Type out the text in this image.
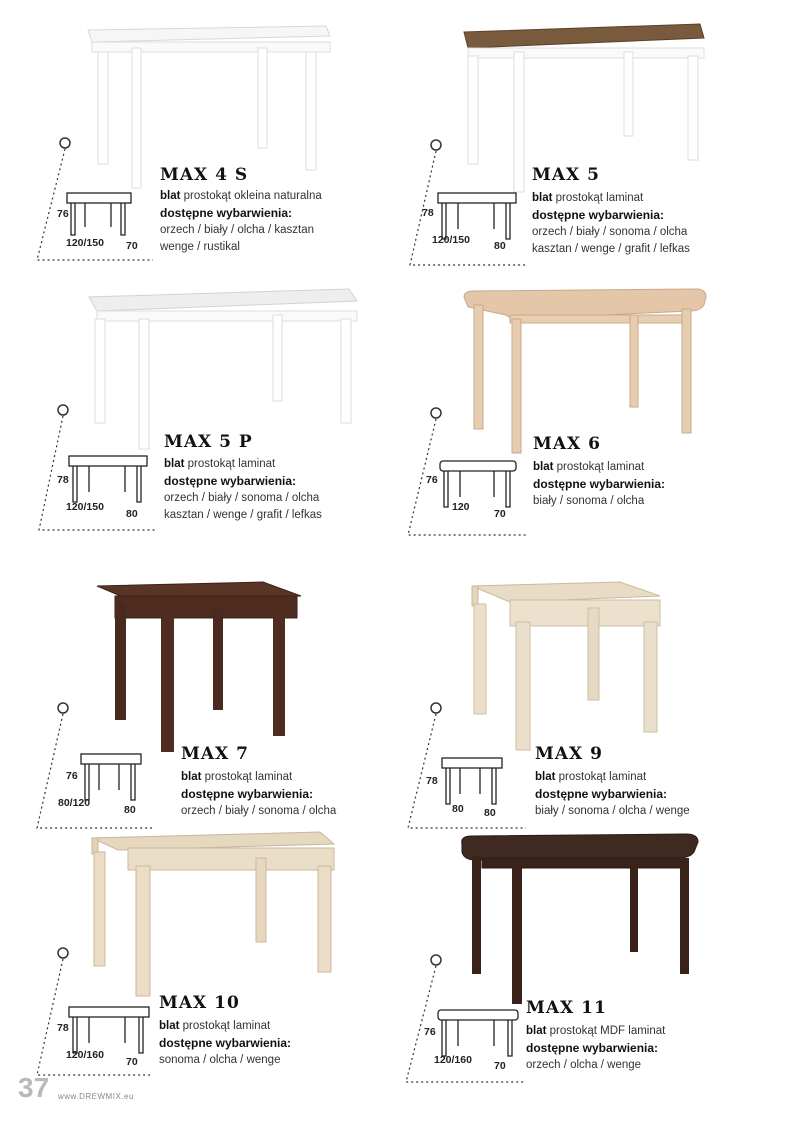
76
120/150 70
MAX 4 S
blat prostokąt okleina naturalna
dostępne wybarwienia:
orzech / biały / olcha / kasztan
wenge / rustikal
78
120/150 80
MAX 5
blat prostokąt laminat
dostępne wybarwienia:
orzech / biały / sonoma / olcha
kasztan / wenge / grafit / lefkas
78
120/150
80
MAX 5 P
blat prostokąt laminat
dostępne wybarwienia:
orzech / biały / sonoma / olcha
kasztan / wenge / grafit / lefkas
76
120
70
MAX 6
blat prostokąt laminat
dostępne wybarwienia:
biały / sonoma / olcha
76
80/120
80
MAX 7
blat prostokąt laminat
dostępne wybarwienia:
orzech / biały / sonoma / olcha
78
80 80
MAX 9
blat prostokąt laminat
dostępne wybarwienia:
biały / sonoma / olcha / wenge
78
120/160
70
MAX 10
blat prostokąt laminat
dostępne wybarwienia:
sonoma / olcha / wenge
76
120/160 70
MAX 11
blat prostokąt MDF laminat
dostępne wybarwienia:
orzech / olcha / wenge
37 www.DREWMIX.eu
